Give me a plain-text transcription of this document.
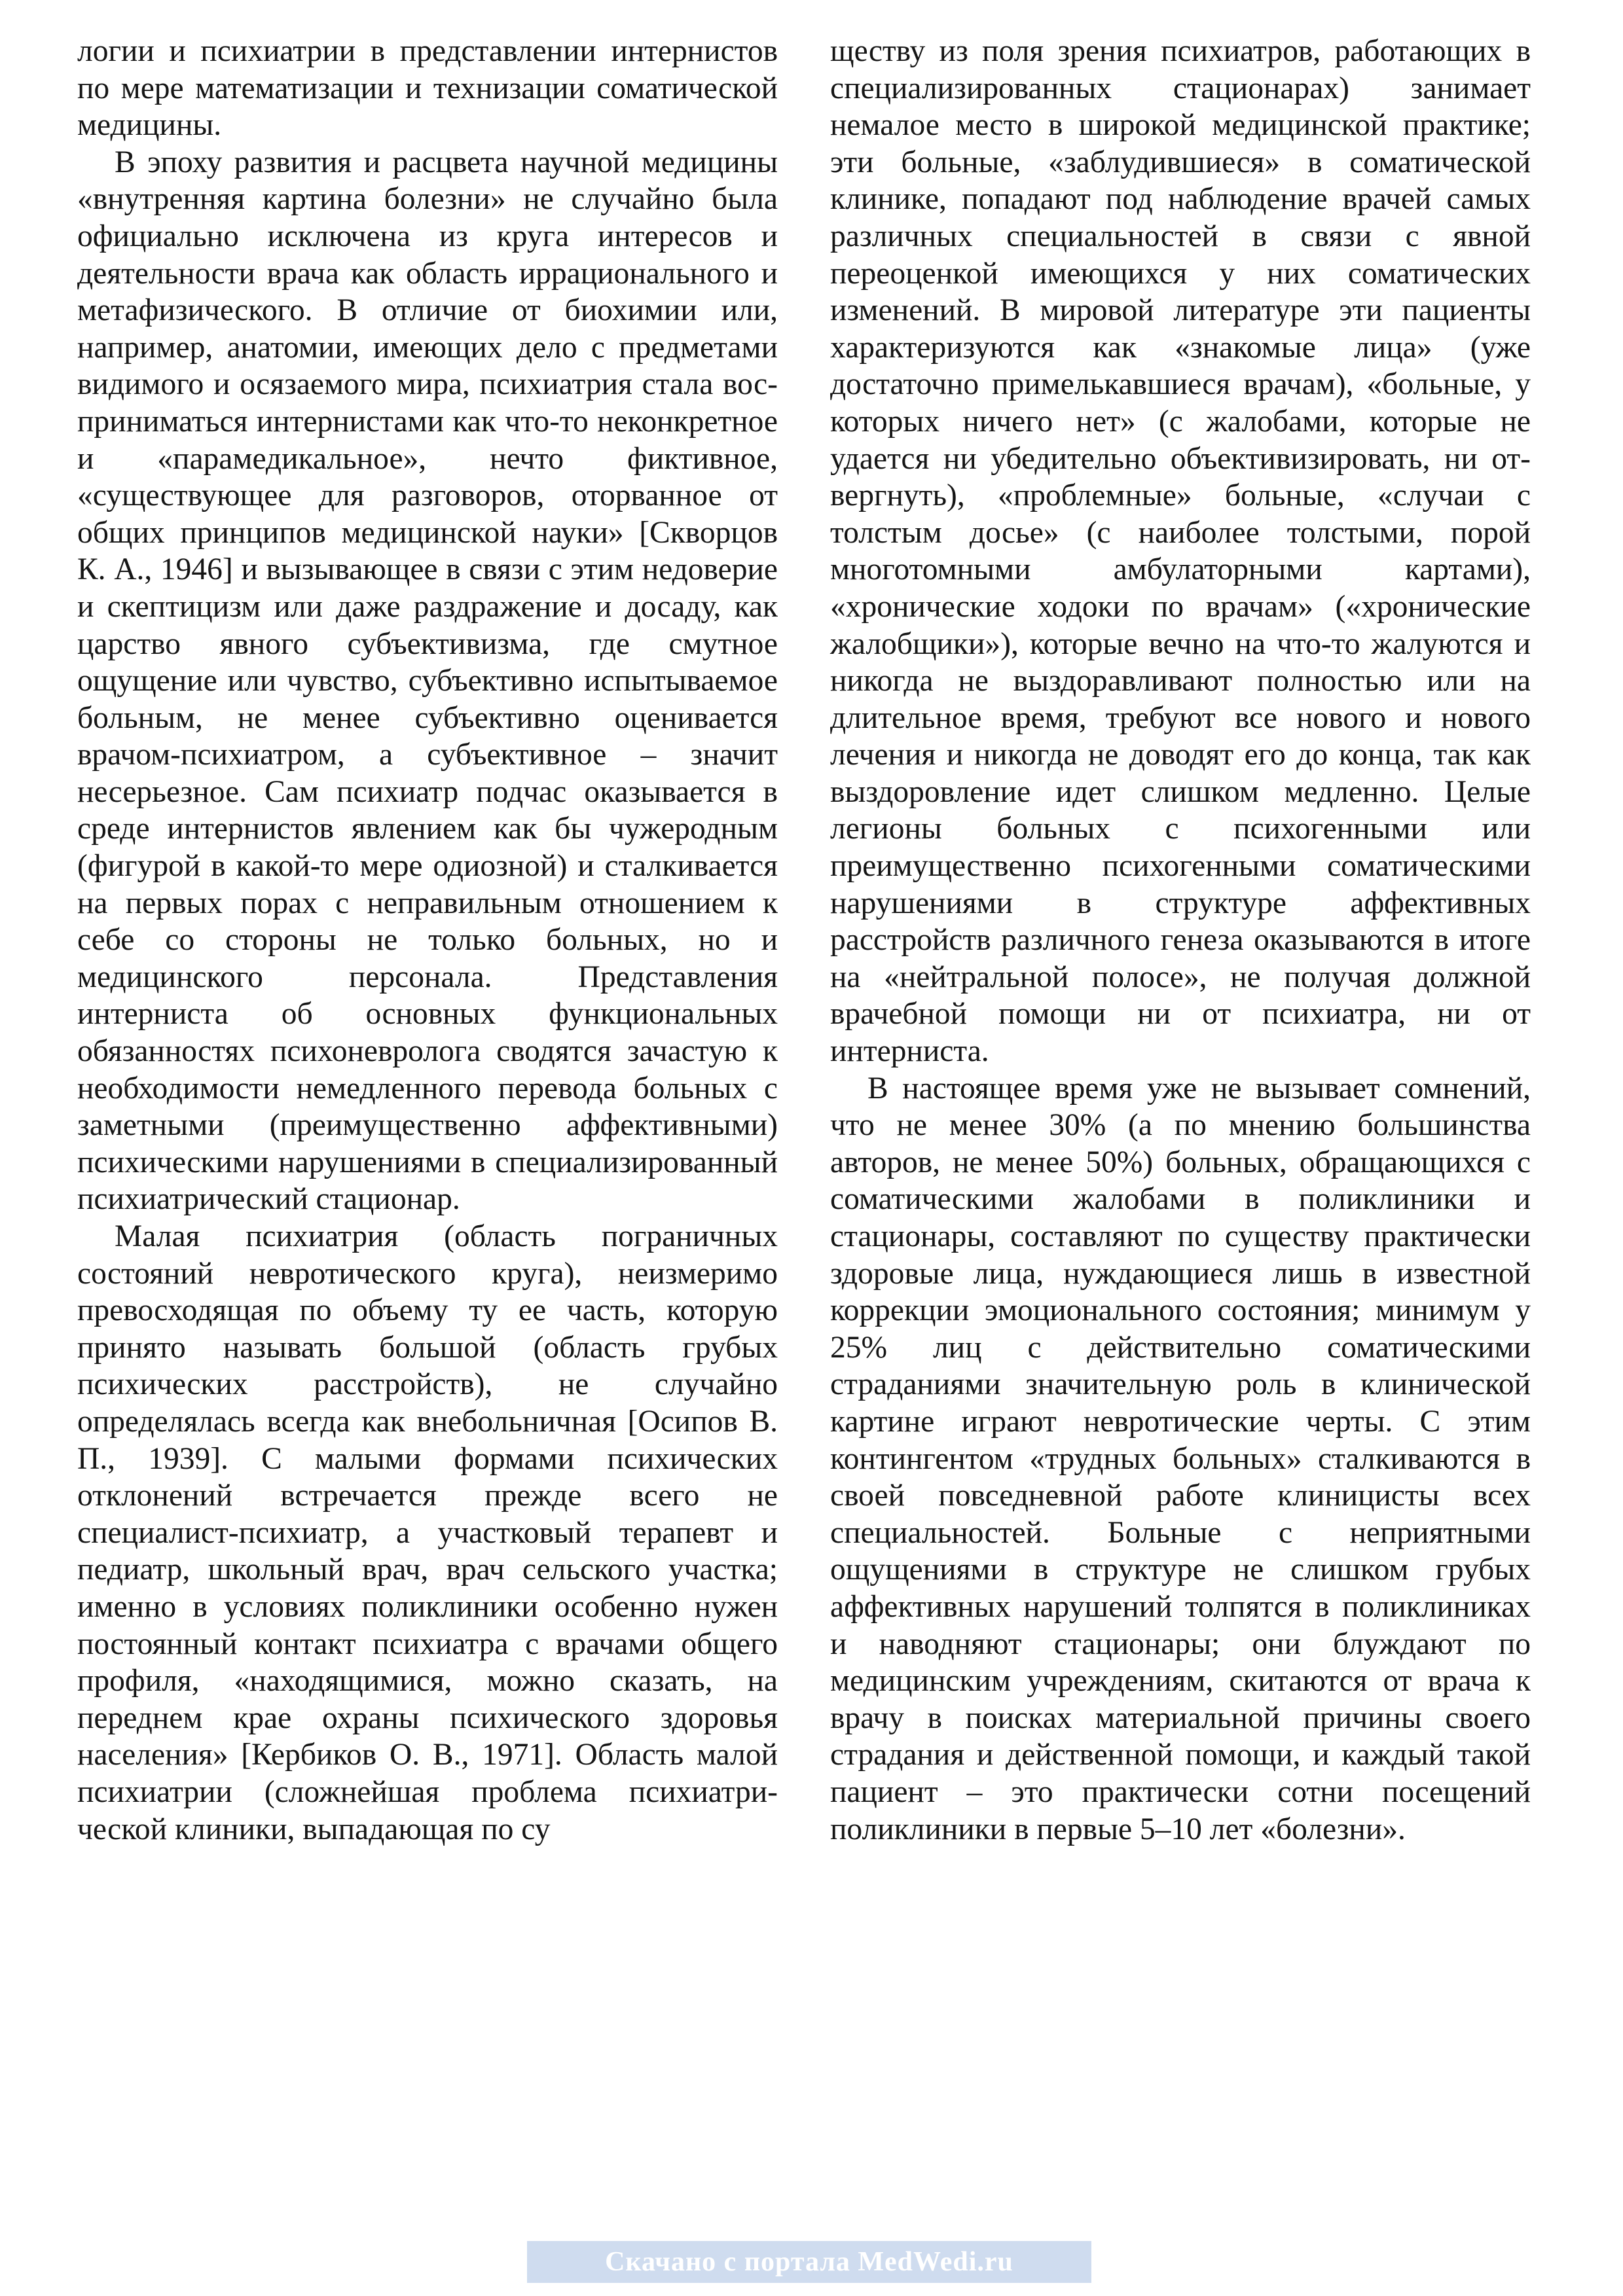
логии и психиатрии в представлении интернистов по мере математизации и технизации соматической медицины.

В эпоху развития и расцвета научной медицины «внутренняя картина болезни» не случайно была официально исключена из круга интересов и деятельности врача как область иррационального и метафизического. В отличие от биохимии или, например, анатомии, имеющих дело с предметами видимого и осязаемого мира, психиатрия стала восприниматься интернистами как что-то неконкретное и «парамедикальное», нечто фиктивное, «существующее для разговоров, оторванное от общих принципов медицинской науки» [Скворцов К. А., 1946] и вызывающее в связи с этим недоверие и скептицизм или даже раздражение и досаду, как царство явного субъективизма, где смутное ощущение или чувство, субъективно испытываемое больным, не менее субъективно оценивается врачом-психиатром, а субъективное – значит несерьезное. Сам психиатр подчас оказывается в среде интернистов явлением как бы чужеродным (фигурой в какой-то мере одиозной) и сталкивается на первых порах с неправильным отношением к себе со стороны не только больных, но и медицинского персонала. Представления интерниста об основных функциональных обязанностях психоневролога сводятся зачастую к необходимости немедленного перевода больных с заметными (преимущественно аффективными) психическими нарушениями в специализированный психиатрический стационар.

Малая психиатрия (область пограничных состояний невротического круга), неизмеримо превосходящая по объему ту ее часть, которую принято называть большой (область грубых психических расстройств), не случайно определялась всегда как внебольничная [Осипов В. П., 1939]. С малыми формами психических отклонений встречается прежде всего не специалист-психиатр, а участковый терапевт и педиатр, школьный врач, врач сельского участка; именно в условиях поликлиники особенно нужен постоянный контакт психиатра с врачами общего профиля, «находящимися, можно сказать, на переднем крае охраны психического здоровья населения» [Кербиков О. В., 1971]. Область малой психиатрии (сложнейшая проблема психиатрической клиники, выпадающая по су

ществу из поля зрения психиатров, работающих в специализированных стационарах) занимает немалое место в широкой медицинской практике; эти больные, «заблудившиеся» в соматической клинике, попадают под наблюдение врачей самых различных специальностей в связи с явной переоценкой имеющихся у них соматических изменений. В мировой литературе эти пациенты характеризуются как «знакомые лица» (уже достаточно примелькавшиеся врачам), «больные, у которых ничего нет» (с жалобами, которые не удается ни убедительно объективизировать, ни отвергнуть), «проблемные» больные, «случаи с толстым досье» (с наиболее толстыми, порой многотомными амбулаторными картами), «хронические ходоки по врачам» («хронические жалобщики»), которые вечно на что-то жалуются и никогда не выздоравливают полностью или на длительное время, требуют все нового и нового лечения и никогда не доводят его до конца, так как выздоровление идет слишком медленно. Целые легионы больных с психогенными или преимущественно психогенными соматическими нарушениями в структуре аффективных расстройств различного генеза оказываются в итоге на «нейтральной полосе», не получая должной врачебной помощи ни от психиатра, ни от интерниста.

В настоящее время уже не вызывает сомнений, что не менее 30% (а по мнению большинства авторов, не менее 50%) больных, обращающихся с соматическими жалобами в поликлиники и стационары, составляют по существу практически здоровые лица, нуждающиеся лишь в известной коррекции эмоционального состояния; минимум у 25% лиц с действительно соматическими страданиями значительную роль в клинической картине играют невротические черты. С этим контингентом «трудных больных» сталкиваются в своей повседневной работе клиницисты всех специальностей. Больные с неприятными ощущениями в структуре не слишком грубых аффективных нарушений толпятся в поликлиниках и наводняют стационары; они блуждают по медицинским учреждениям, скитаются от врача к врачу в поисках материальной причины своего страдания и действенной помощи, и каждый такой пациент – это практически сотни посещений поликлиники в первые 5–10 лет «болезни».

Скачано с портала MedWedi.ru
